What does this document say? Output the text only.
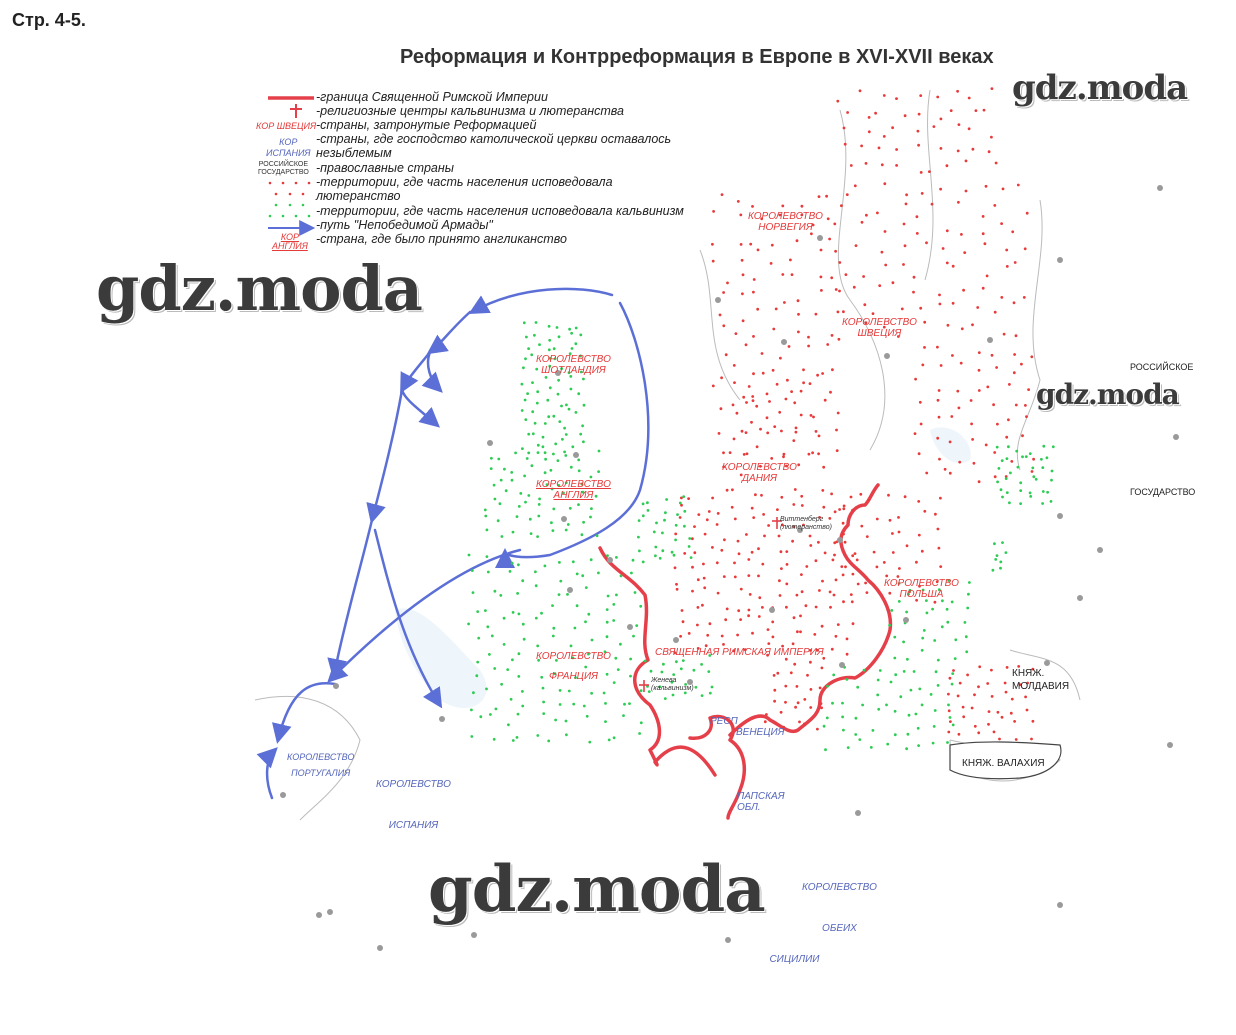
Стр. 4-5.
Реформация и Контрреформация в Европе в XVI-XVII веках
-граница Священной Римской Империи
-религиозные центры кальвинизма и лютеранства
КОР ШВЕЦИЯ -страны, затронутые Реформацией
КОР
ИСПАНИЯ
-страны, где господство католической церкви оставалось
незыблемым
РОССИЙСКОЕ
ГОСУДАРСТВО -православные страны
-территории, где часть населения исповедовала
лютеранство
-территории, где часть населения исповедовала кальвинизм
-путь "Непобедимой Армады"
КОР
АНГЛИЯ -страна, где было принято англиканство
КОРОЛЕВСТВО
НОРВЕГИЯ
КОРОЛЕВСТВО
ШВЕЦИЯ
КОРОЛЕВСТВО
ШОТЛАНДИЯ
КОРОЛЕВСТВО
АНГЛИЯ
КОРОЛЕВСТВО
ДАНИЯ
КОРОЛЕВСТВО
ПОЛЬША
КОРОЛЕВСТВО
ФРАНЦИЯ
СВЯЩЕННАЯ РИМСКАЯ ИМПЕРИЯ
РЕСП
ВЕНЕЦИЯ
ПАПСКАЯ
ОБЛ.
КОРОЛЕВСТВО
ПОРТУГАЛИЯ
КОРОЛЕВСТВО
ИСПАНИЯ
КОРОЛЕВСТВО
ОБЕИХ
СИЦИЛИИ
РОССИЙСКОЕ
ГОСУДАРСТВО
КНЯЖ.
МОЛДАВИЯ
КНЯЖ. ВАЛАХИЯ
Виттенберг
(лютеранство)
Женева
(кальвинизм)
gdz.moda
gdz.moda
gdz.moda
gdz.moda
